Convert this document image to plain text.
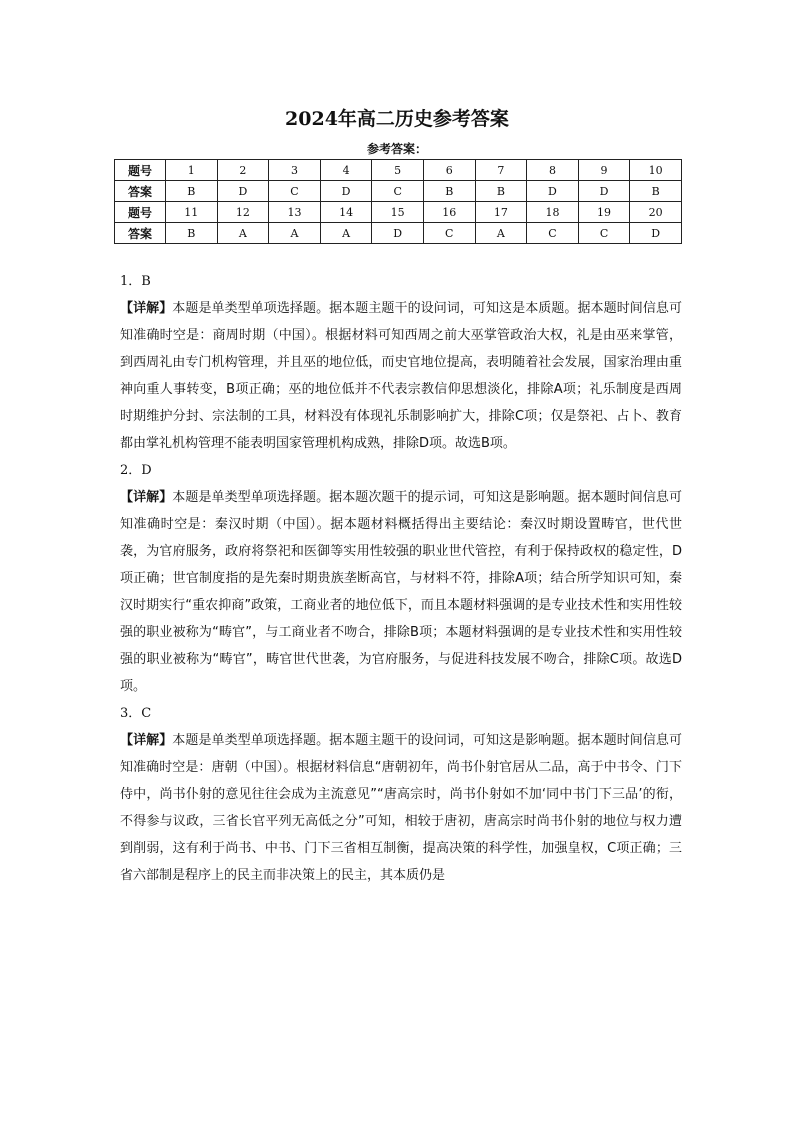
2024年高二历史参考答案
参考答案：
题号	1	2	3	4	5	6	7	8	9	10
答案	B	D	C	D	C	B	B	D	D	B
题号	11	12	13	14	15	16	17	18	19	20
答案	B	A	A	A	D	C	A	C	C	D
1．B
【详解】本题是单类型单项选择题。据本题主题干的设问词，可知这是本质题。据本题时间信息可知准确时空是：商周时期（中国）。根据材料可知西周之前大巫掌管政治大权，礼是由巫来掌管，到西周礼由专门机构管理，并且巫的地位低，而史官地位提高，表明随着社会发展，国家治理由重神向重人事转变，B项正确；巫的地位低并不代表宗教信仰思想淡化，排除A项；礼乐制度是西周时期维护分封、宗法制的工具，材料没有体现礼乐制影响扩大，排除C项；仅是祭祀、占卜、教育都由掌礼机构管理不能表明国家管理机构成熟，排除D项。故选B项。
2．D
【详解】本题是单类型单项选择题。据本题次题干的提示词，可知这是影响题。据本题时间信息可知准确时空是：秦汉时期（中国）。据本题材料概括得出主要结论：秦汉时期设置畴官，世代世袭，为官府服务，政府将祭祀和医御等实用性较强的职业世代管控，有利于保持政权的稳定性，D项正确；世官制度指的是先秦时期贵族垄断高官，与材料不符，排除A项；结合所学知识可知，秦汉时期实行“重农抑商”政策，工商业者的地位低下，而且本题材料强调的是专业技术性和实用性较强的职业被称为“畴官”，与工商业者不吻合，排除B项；本题材料强调的是专业技术性和实用性较强的职业被称为“畴官”，畴官世代世袭，为官府服务，与促进科技发展不吻合，排除C项。故选D项。
3．C
【详解】本题是单类型单项选择题。据本题主题干的设问词，可知这是影响题。据本题时间信息可知准确时空是：唐朝（中国）。根据材料信息“唐朝初年，尚书仆射官居从二品，高于中书令、门下侍中，尚书仆射的意见往往会成为主流意见”“唐高宗时，尚书仆射如不加‘同中书门下三品’的衔，不得参与议政，三省长官平列无高低之分”可知，相较于唐初，唐高宗时尚书仆射的地位与权力遭到削弱，这有利于尚书、中书、门下三省相互制衡，提高决策的科学性，加强皇权，C项正确；三省六部制是程序上的民主而非决策上的民主，其本质仍是
